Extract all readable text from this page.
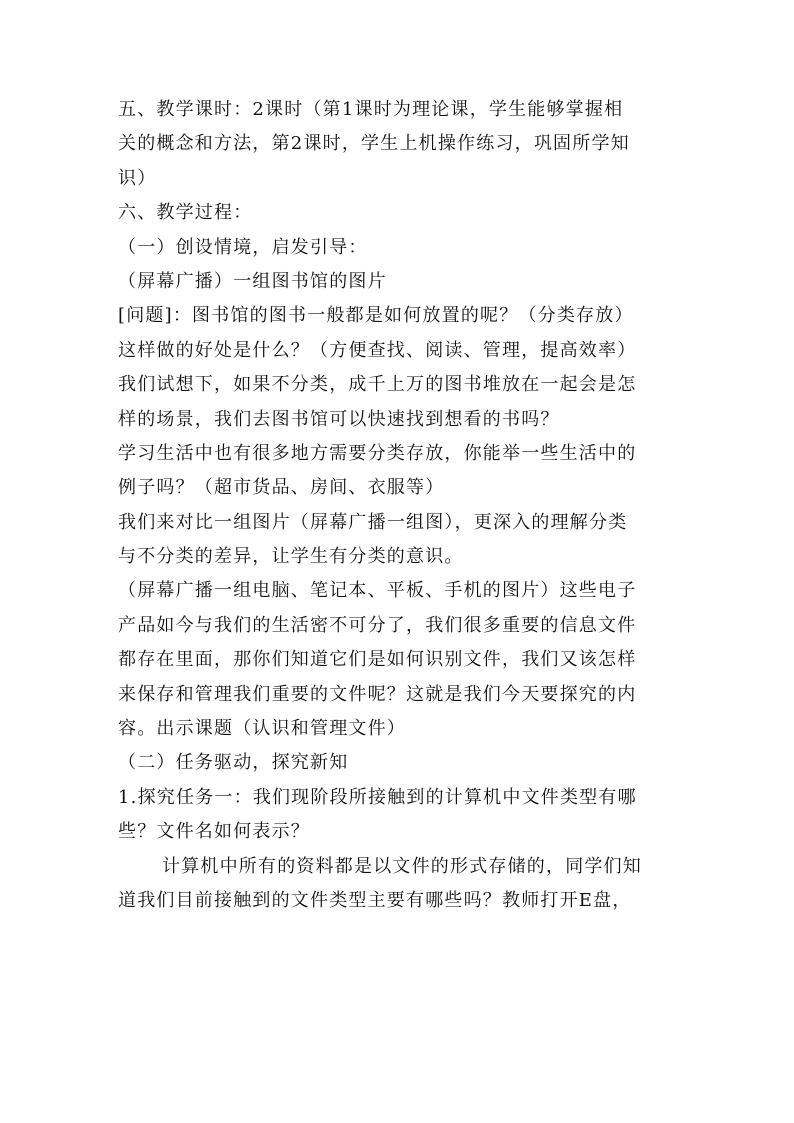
五、教学课时：2课时（第1课时为理论课，学生能够掌握相
关的概念和方法，第2课时，学生上机操作练习，巩固所学知
识）
六、教学过程：
（一）创设情境，启发引导：
（屏幕广播）一组图书馆的图片
[问题]：图书馆的图书一般都是如何放置的呢？（分类存放）
这样做的好处是什么？（方便查找、阅读、管理，提高效率）
我们试想下，如果不分类，成千上万的图书堆放在一起会是怎
样的场景，我们去图书馆可以快速找到想看的书吗？
学习生活中也有很多地方需要分类存放，你能举一些生活中的
例子吗？（超市货品、房间、衣服等）
我们来对比一组图片（屏幕广播一组图），更深入的理解分类
与不分类的差异，让学生有分类的意识。
（屏幕广播一组电脑、笔记本、平板、手机的图片）这些电子
产品如今与我们的生活密不可分了，我们很多重要的信息文件
都存在里面，那你们知道它们是如何识别文件，我们又该怎样
来保存和管理我们重要的文件呢？这就是我们今天要探究的内
容。出示课题（认识和管理文件）
（二）任务驱动，探究新知
1.探究任务一：我们现阶段所接触到的计算机中文件类型有哪
些？文件名如何表示？
计算机中所有的资料都是以文件的形式存储的，同学们知
道我们目前接触到的文件类型主要有哪些吗？教师打开E盘，
